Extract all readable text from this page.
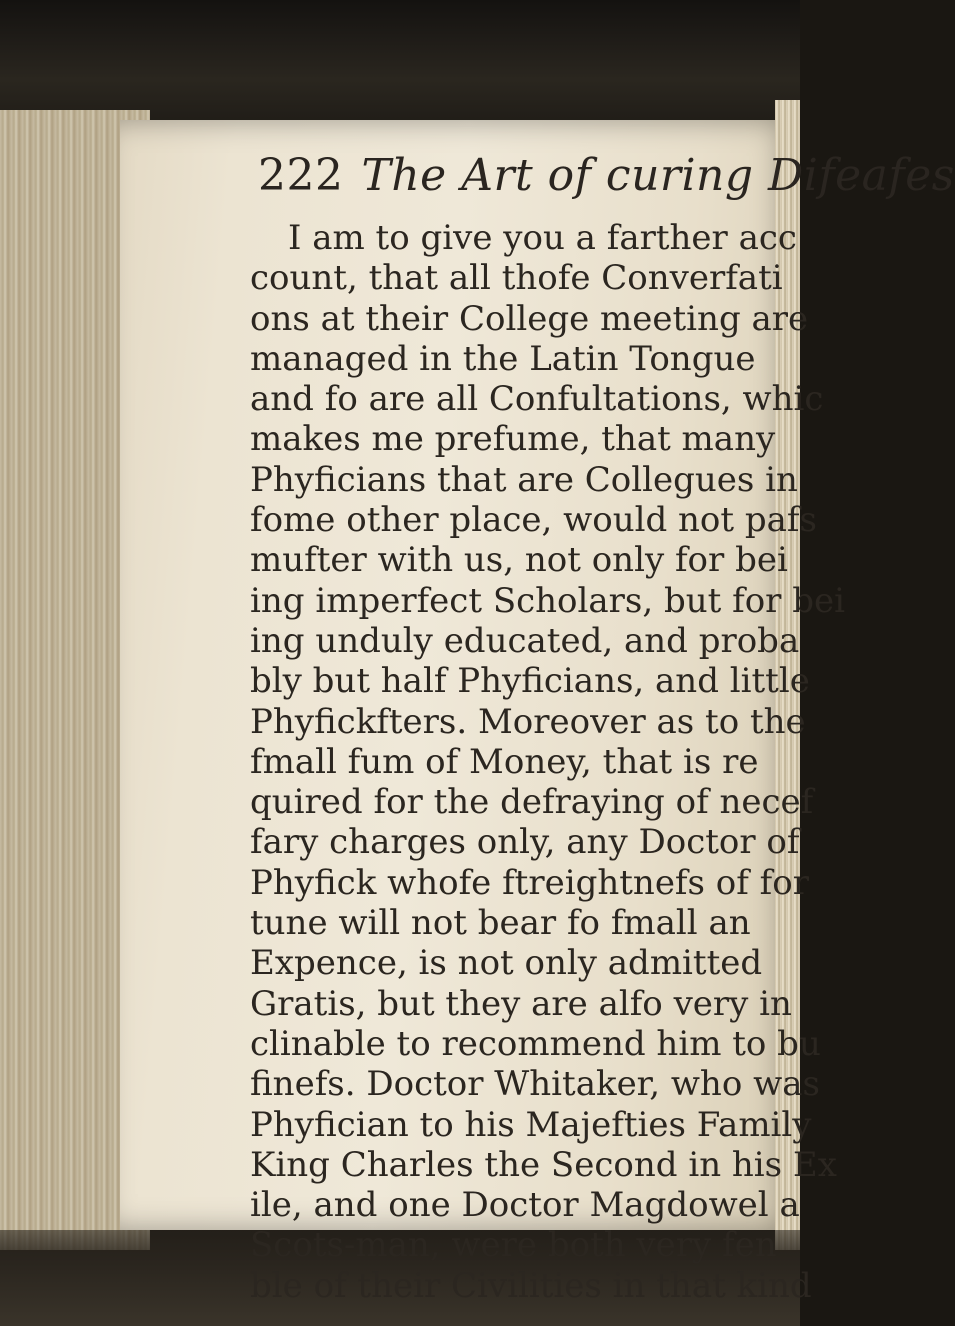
222 The Art of curing Difeafes
I am to give you a farther acc
count, that all thofe Converfati
ons at their College meeting are
managed in the Latin Tongue
and fo are all Confultations, whic
makes me prefume, that many
Phyficians that are Collegues in
fome other place, would not pafs
mufter with us, not only for bei
ing imperfect Scholars, but for bei
ing unduly educated, and proba
bly but half Phyficians, and little
Phyfickfters. Moreover as to the
fmall fum of Money, that is re
quired for the defraying of necef
fary charges only, any Doctor of
Phyfick whofe ftreightnefs of for
tune will not bear fo fmall an
Expence, is not only admitted
Gratis, but they are alfo very in
clinable to recommend him to bu
finefs. Doctor Whitaker, who was
Phyfician to his Majefties Family
King Charles the Second in his Ex
ile, and one Doctor Magdowel a
Scots-man, were both very fen
ble of their Civilities in that kind
